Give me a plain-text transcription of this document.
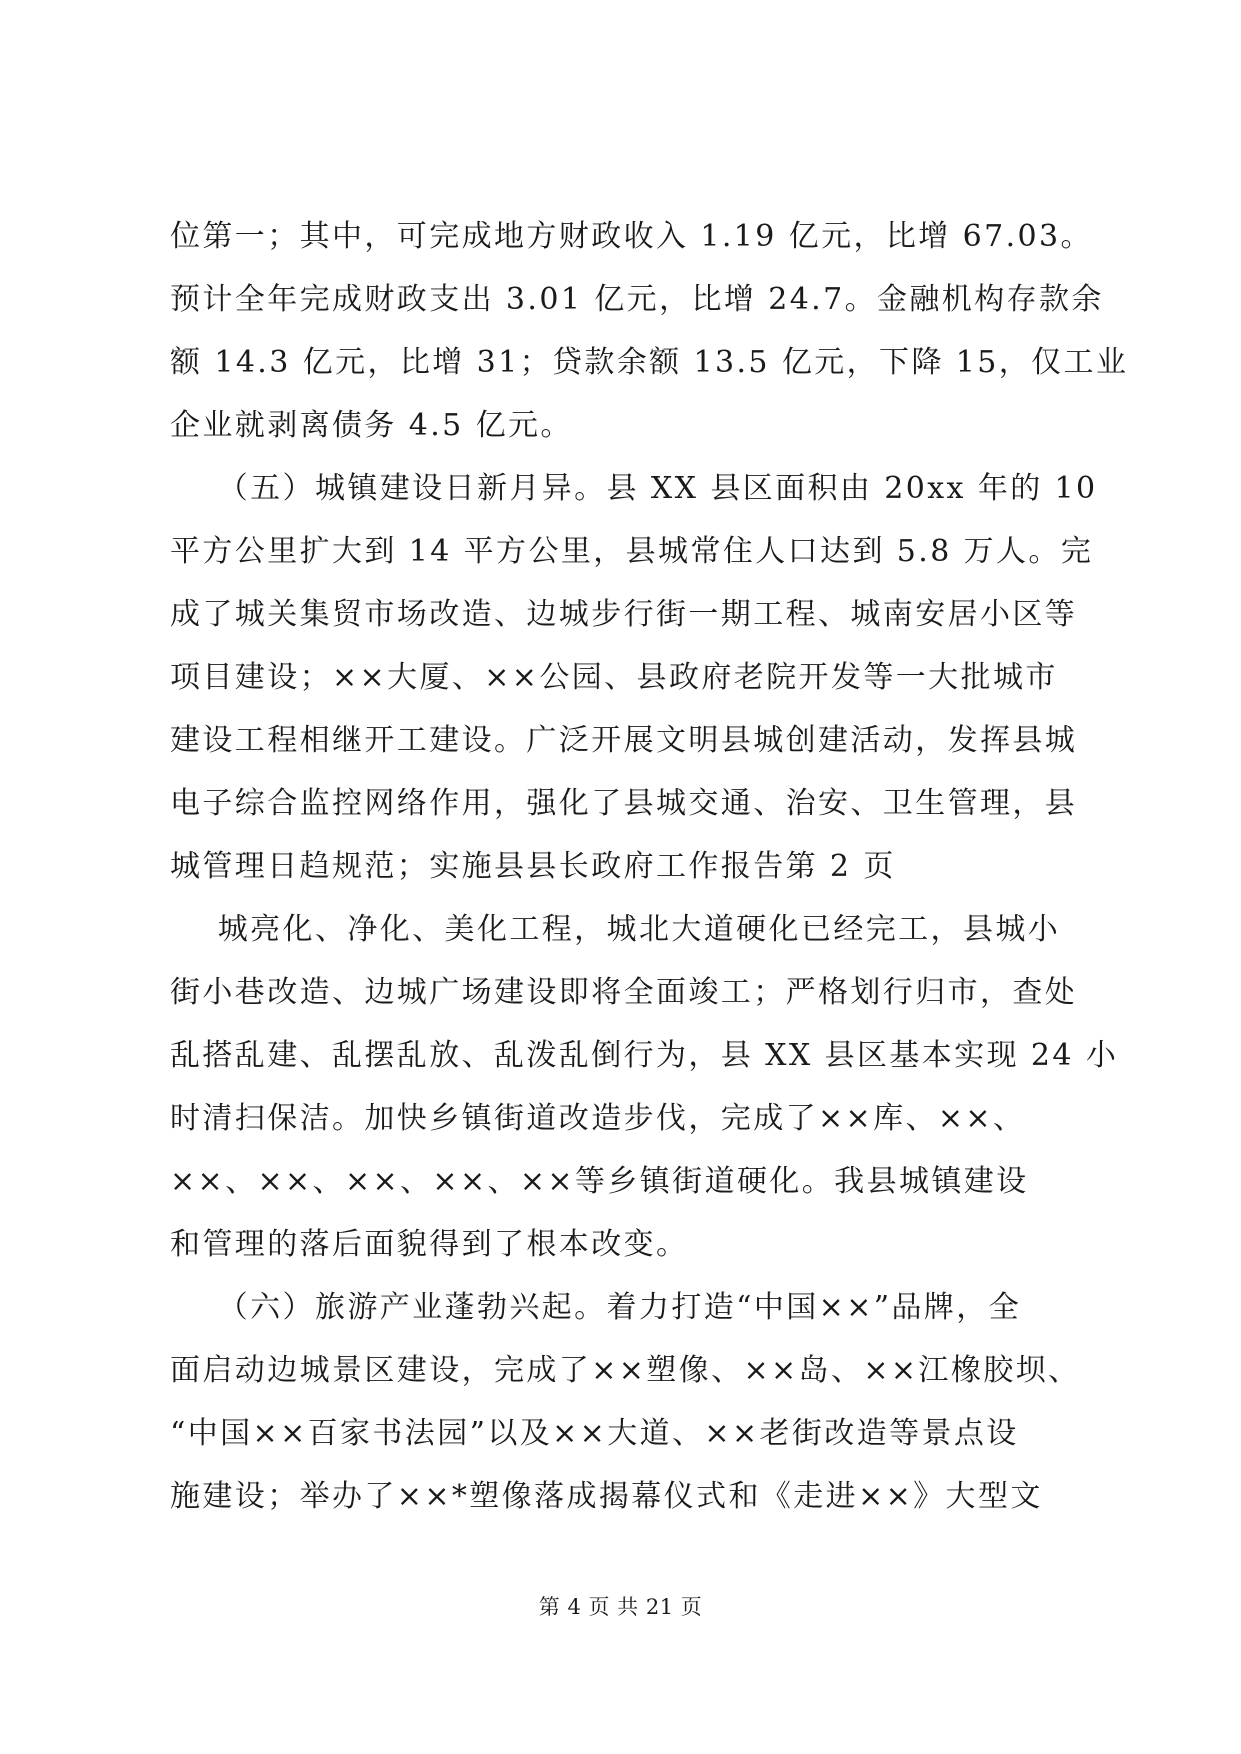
位第一；其中，可完成地方财政收入 1.19 亿元，比增 67.03。
预计全年完成财政支出 3.01 亿元，比增 24.7。金融机构存款余
额 14.3 亿元，比增 31；贷款余额 13.5 亿元，下降 15，仅工业
企业就剥离债务 4.5 亿元。
（五）城镇建设日新月异。县 XX 县区面积由 20xx 年的 10
平方公里扩大到 14 平方公里，县城常住人口达到 5.8 万人。完
成了城关集贸市场改造、边城步行街一期工程、城南安居小区等
项目建设；××大厦、××公园、县政府老院开发等一大批城市
建设工程相继开工建设。广泛开展文明县城创建活动，发挥县城
电子综合监控网络作用，强化了县城交通、治安、卫生管理，县
城管理日趋规范；实施县县长政府工作报告第 2 页
城亮化、净化、美化工程，城北大道硬化已经完工，县城小
街小巷改造、边城广场建设即将全面竣工；严格划行归市，查处
乱搭乱建、乱摆乱放、乱泼乱倒行为，县 XX 县区基本实现 24 小
时清扫保洁。加快乡镇街道改造步伐，完成了××库、××、
××、××、××、××、××等乡镇街道硬化。我县城镇建设
和管理的落后面貌得到了根本改变。
（六）旅游产业蓬勃兴起。着力打造“中国××”品牌，全
面启动边城景区建设，完成了××塑像、××岛、××江橡胶坝、
“中国××百家书法园”以及××大道、××老街改造等景点设
施建设；举办了××*塑像落成揭幕仪式和《走进××》大型文
第 4 页 共 21 页
